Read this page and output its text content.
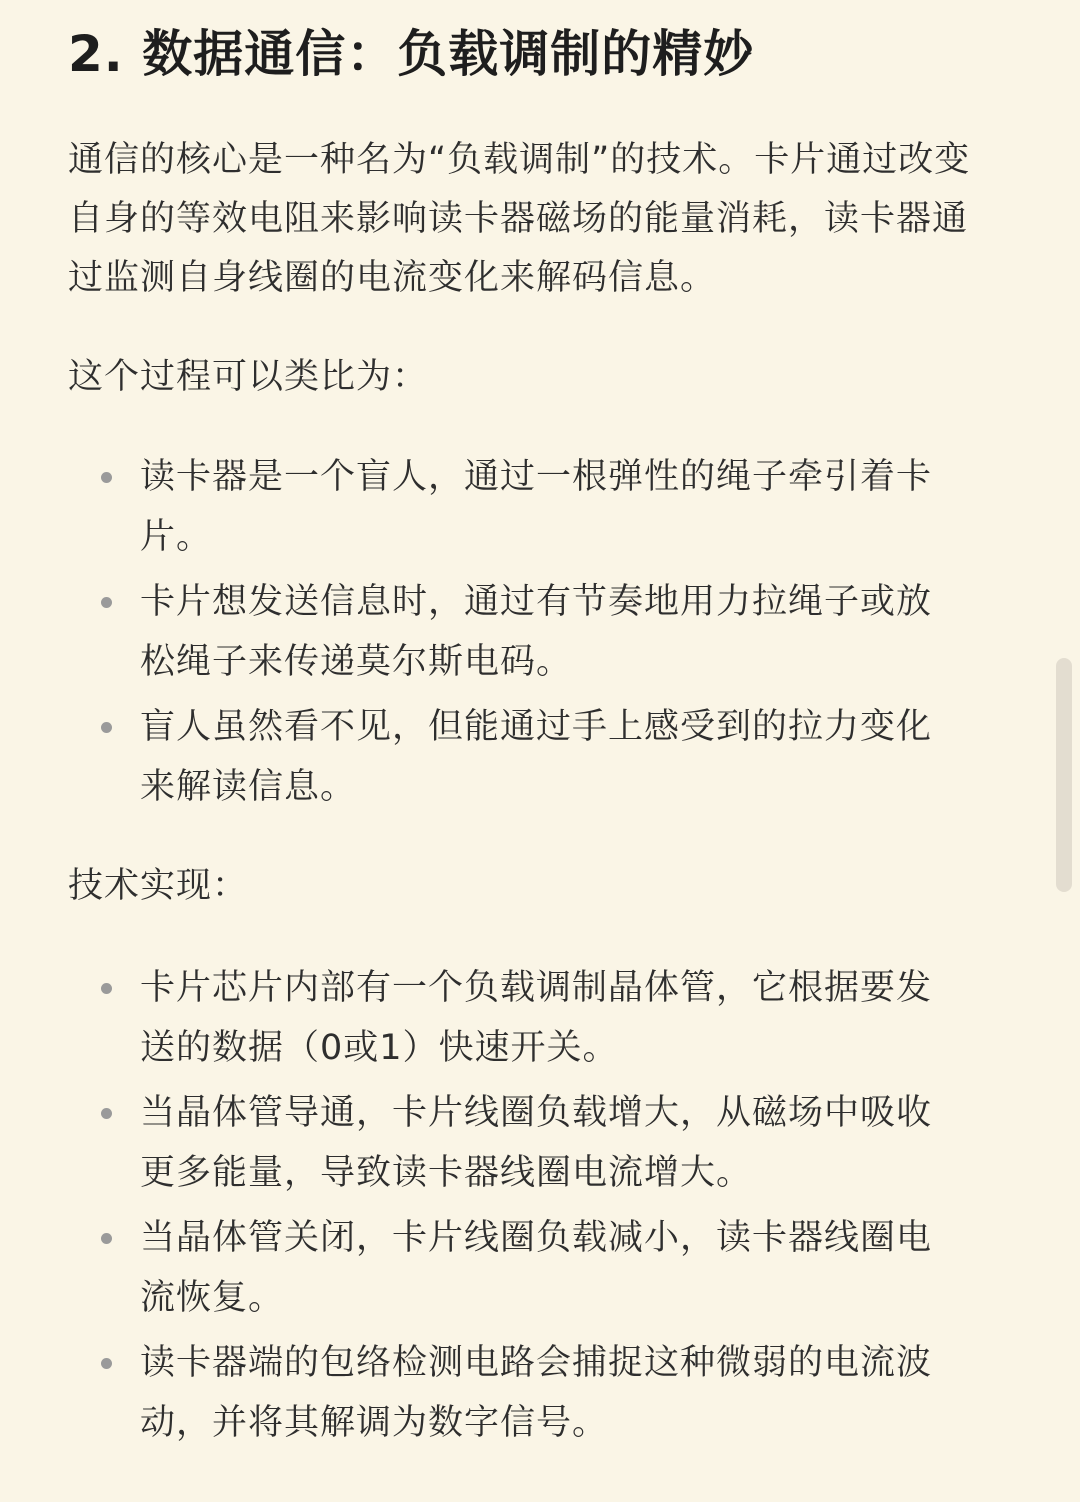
2. 数据通信：负载调制的精妙

通信的核心是一种名为“负载调制”的技术。卡片通过改变自身的等效电阻来影响读卡器磁场的能量消耗，读卡器通过监测自身线圈的电流变化来解码信息。

这个过程可以类比为：

读卡器是一个盲人，通过一根弹性的绳子牵引着卡片。
卡片想发送信息时，通过有节奏地用力拉绳子或放松绳子来传递莫尔斯电码。
盲人虽然看不见，但能通过手上感受到的拉力变化来解读信息。

技术实现：

卡片芯片内部有一个负载调制晶体管，它根据要发送的数据（0或1）快速开关。
当晶体管导通，卡片线圈负载增大，从磁场中吸收更多能量，导致读卡器线圈电流增大。
当晶体管关闭，卡片线圈负载减小，读卡器线圈电流恢复。
读卡器端的包络检测电路会捕捉这种微弱的电流波动，并将其解调为数字信号。
